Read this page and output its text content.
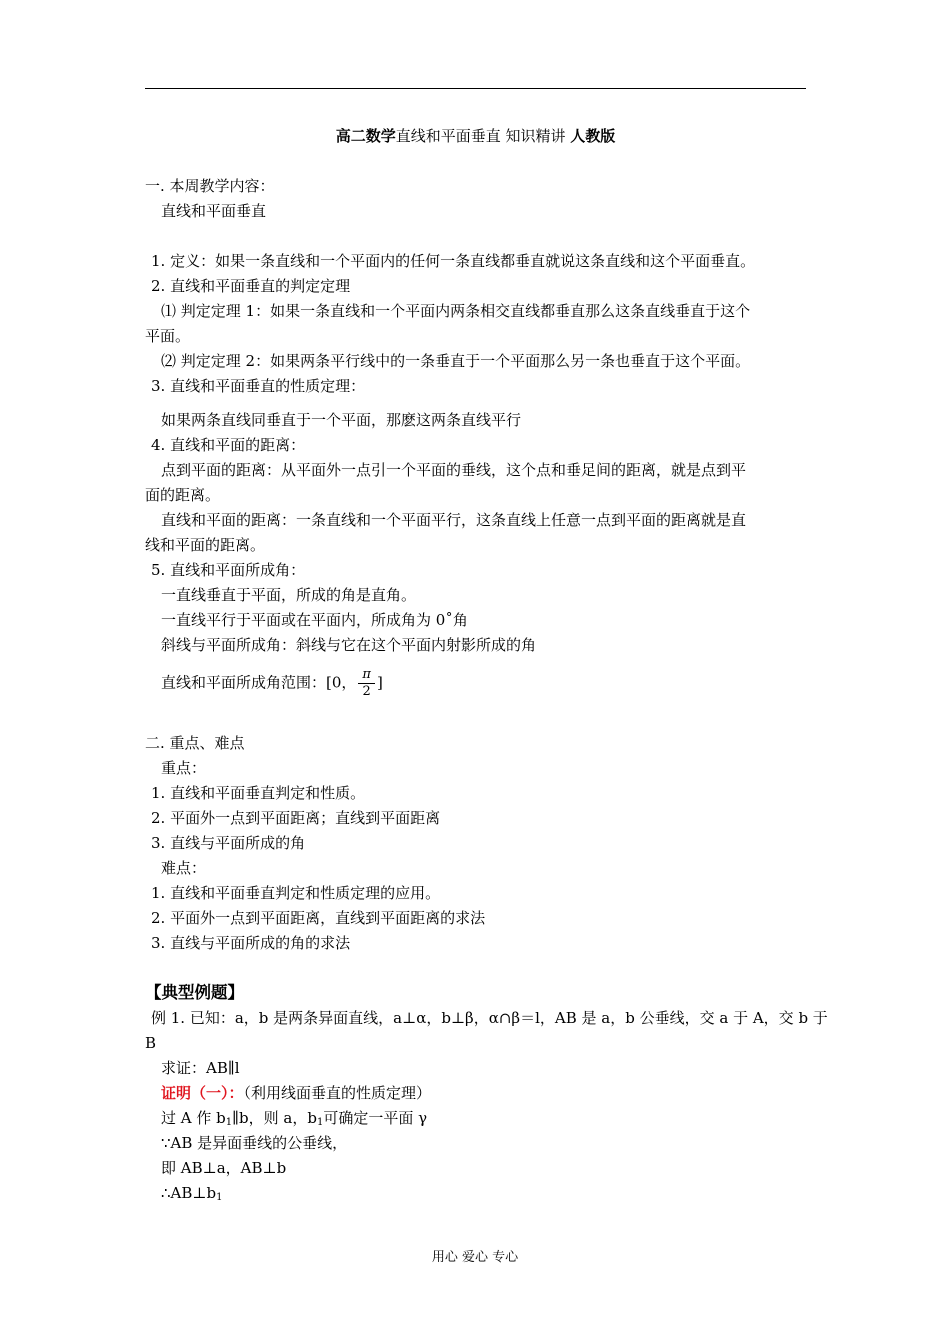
高二数学直线和平面垂直 知识精讲 人教版
一. 本周教学内容：
直线和平面垂直
1. 定义：如果一条直线和一个平面内的任何一条直线都垂直就说这条直线和这个平面垂直。
2. 直线和平面垂直的判定定理
⑴ 判定定理 1：如果一条直线和一个平面内两条相交直线都垂直那么这条直线垂直于这个
平面。
⑵ 判定定理 2：如果两条平行线中的一条垂直于一个平面那么另一条也垂直于这个平面。
3. 直线和平面垂直的性质定理：
如果两条直线同垂直于一个平面，那麽这两条直线平行
4. 直线和平面的距离：
点到平面的距离：从平面外一点引一个平面的垂线，这个点和垂足间的距离，就是点到平
面的距离。
直线和平面的距离：一条直线和一个平面平行，这条直线上任意一点到平面的距离就是直
线和平面的距离。
5. 直线和平面所成角：
一直线垂直于平面，所成的角是直角。
一直线平行于平面或在平面内，所成角为 0˚角
斜线与平面所成角：斜线与它在这个平面内射影所成的角
直线和平面所成角范围：[0， $\frac{\pi}{2}$ ]
二. 重点、难点
重点：
1. 直线和平面垂直判定和性质。
2. 平面外一点到平面距离；直线到平面距离
3. 直线与平面所成的角
难点：
1. 直线和平面垂直判定和性质定理的应用。
2. 平面外一点到平面距离，直线到平面距离的求法
3. 直线与平面所成的角的求法
【典型例题】
例 1. 已知：a，b 是两条异面直线，a⊥α，b⊥β，α∩β＝l，AB 是 a，b 公垂线，交 a 于 A，交 b 于
B
求证：AB∥l
证明（一）：（利用线面垂直的性质定理）
过 A 作 $b_1\parallel b$，则 a，$b_1$可确定一平面 γ
∵AB 是异面垂线的公垂线，
即 AB⊥a，AB⊥b
$\therefore AB\perp b_1$
用心 爱心 专心
